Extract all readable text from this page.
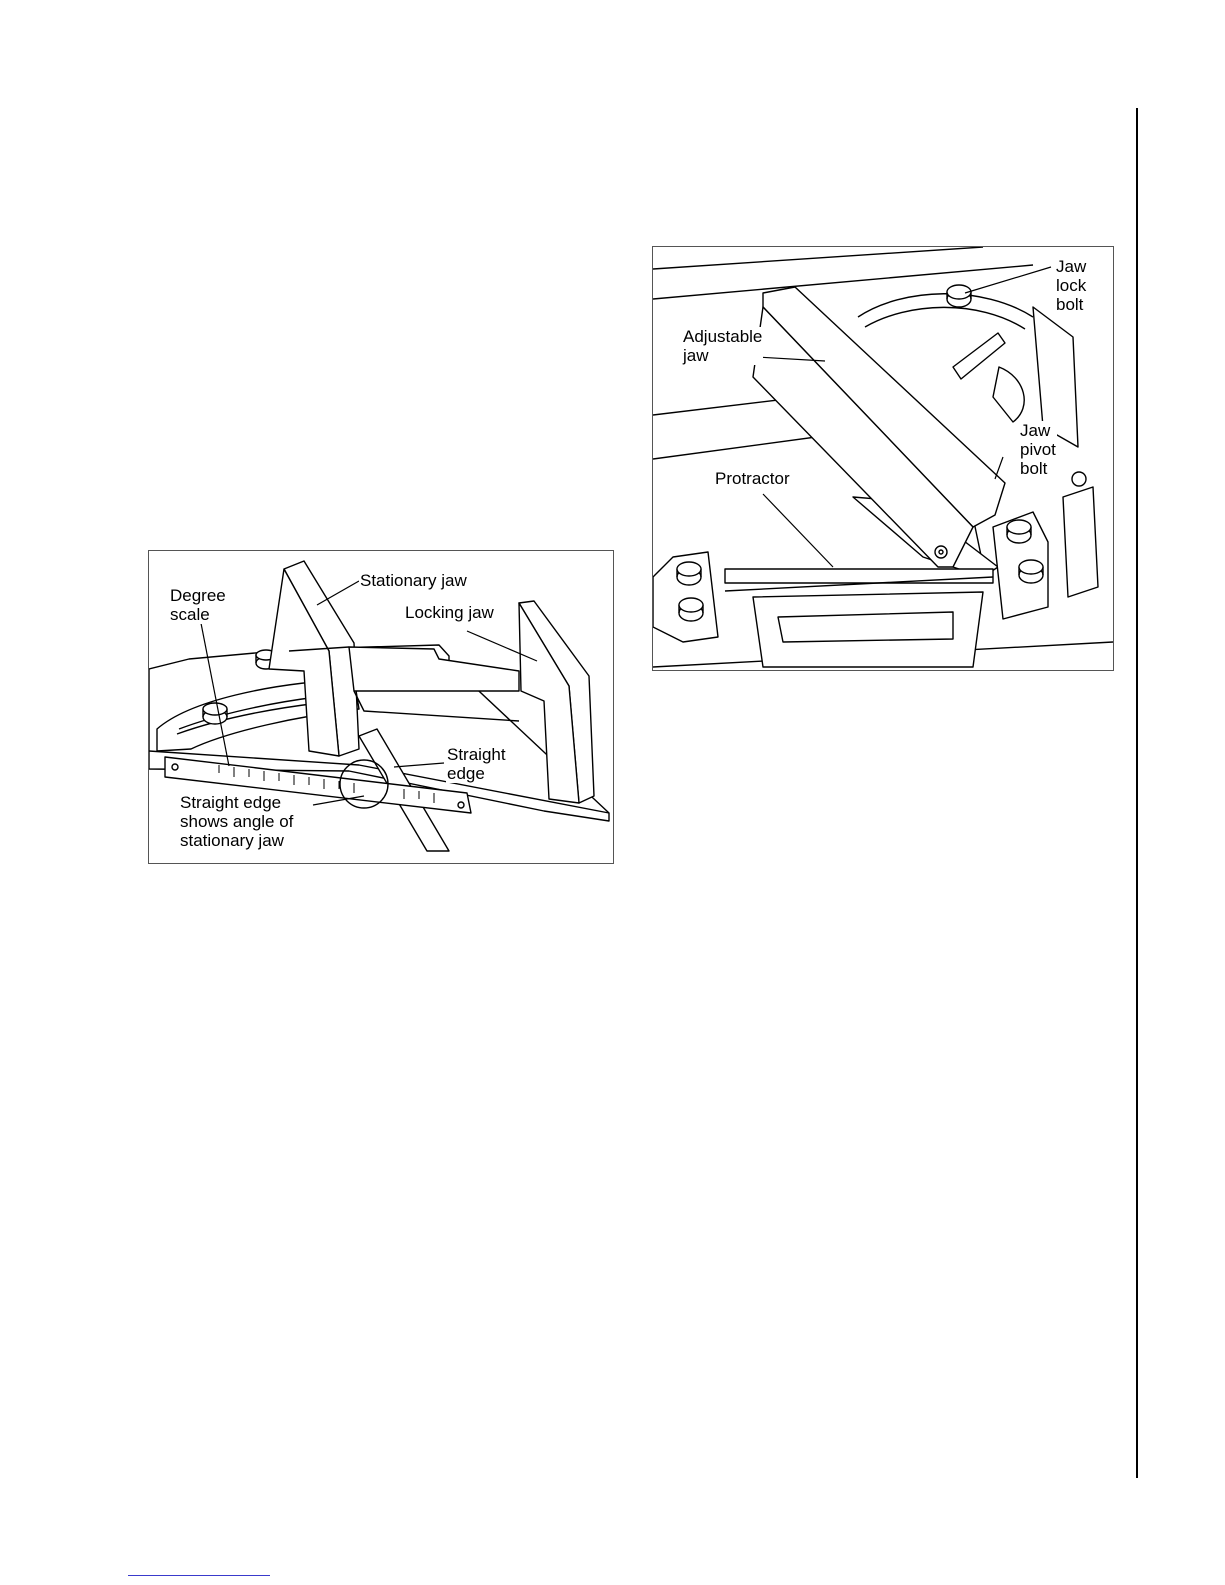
Degree
scale
Stationary jaw
Locking jaw
Straight
edge
Straight edge
shows angle of
stationary jaw
Jaw
lock
bolt
Adjustable
jaw
Jaw
pivot
bolt
Protractor
